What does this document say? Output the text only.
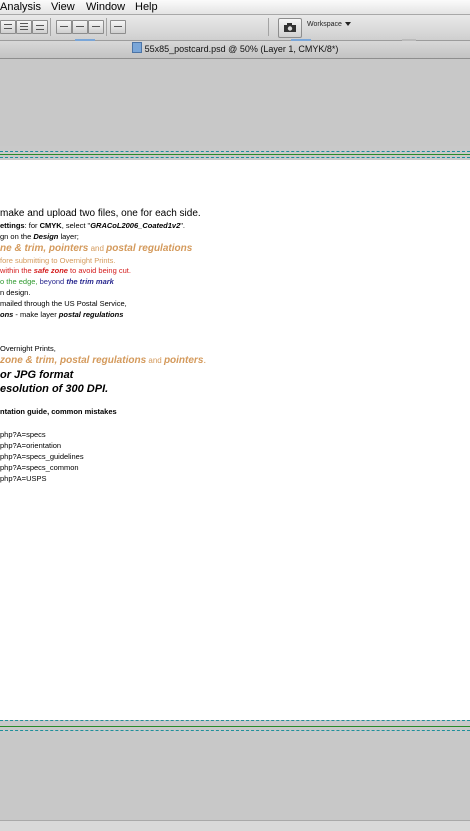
Analysis View Window Help
Workspace
55x85_postcard.psd @ 50% (Layer 1, CMYK/8*)
make and upload two files, one for each side.
ettings: for CMYK, select "GRACoL2006_Coated1v2".
gn on the Design layer;
ne & trim, pointers and postal regulations
fore submitting to Overnight Prints.
within the safe zone to avoid being cut.
o the edge, beyond the trim mark
n design.
mailed through the US Postal Service,
ons - make layer postal regulations
Overnight Prints,
zone & trim, postal regulations and pointers.
or JPG format
esolution of 300 DPI.
ntation guide, common mistakes
php?A=specs
php?A=orientation
php?A=specs_guidelines
php?A=specs_common
php?A=USPS
